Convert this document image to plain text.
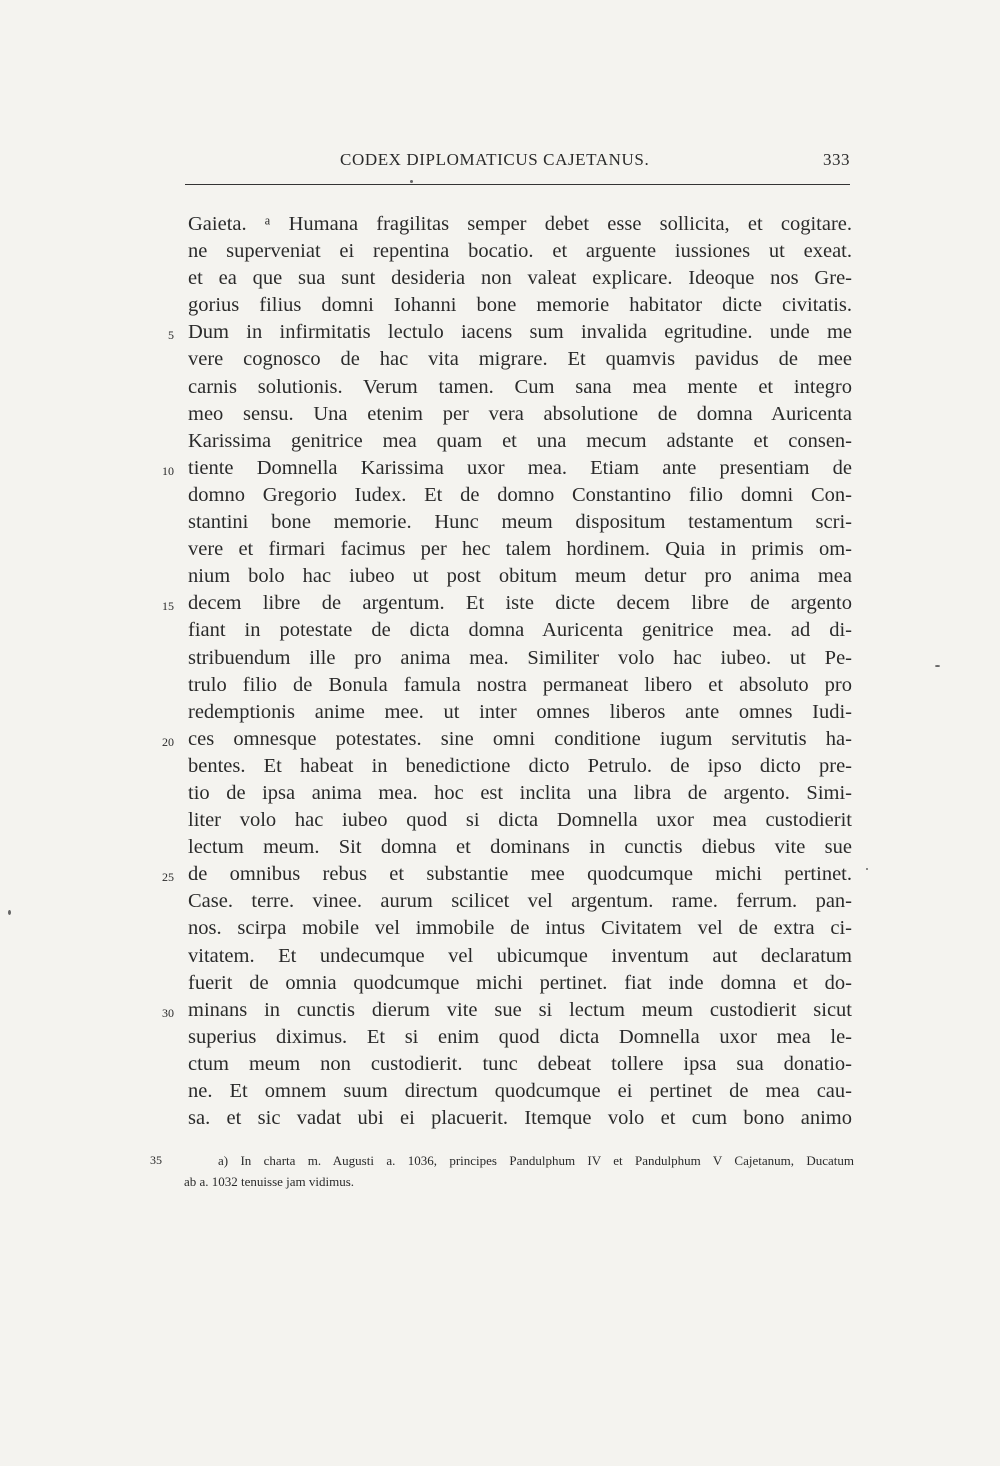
CODEX DIPLOMATICUS CAJETANUS.	333
Gaieta. ᵃ Humana fragilitas semper debet esse sollicita, et cogitare.
ne superveniat ei repentina bocatio. et arguente iussiones ut exeat.
et ea que sua sunt desideria non valeat explicare. Ideoque nos Gre-
gorius filius domni Iohanni bone memorie habitator dicte civitatis.
5 Dum in infirmitatis lectulo iacens sum invalida egritudine. unde me
vere cognosco de hac vita migrare. Et quamvis pavidus de mee
carnis solutionis. Verum tamen. Cum sana mea mente et integro
meo sensu. Una etenim per vera absolutione de domna Auricenta
Karissima genitrice mea quam et una mecum adstante et consen-
10 tiente Domnella Karissima uxor mea. Etiam ante presentiam de
domno Gregorio Iudex. Et de domno Constantino filio domni Con-
stantini bone memorie. Hunc meum dispositum testamentum scri-
vere et firmari facimus per hec talem hordinem. Quia in primis om-
nium bolo hac iubeo ut post obitum meum detur pro anima mea
15 decem libre de argentum. Et iste dicte decem libre de argento
fiant in potestate de dicta domna Auricenta genitrice mea. ad di-
stribuendum ille pro anima mea. Similiter volo hac iubeo. ut Pe-
trulo filio de Bonula famula nostra permaneat libero et absoluto pro
redemptionis anime mee. ut inter omnes liberos ante omnes Iudi-
20 ces omnesque potestates. sine omni conditione iugum servitutis ha-
bentes. Et habeat in benedictione dicto Petrulo. de ipso dicto pre-
tio de ipsa anima mea. hoc est inclita una libra de argento. Simi-
liter volo hac iubeo quod si dicta Domnella uxor mea custodierit
lectum meum. Sit domna et dominans in cunctis diebus vite sue
25 de omnibus rebus et substantie mee quodcumque michi pertinet.
Case. terre. vinee. aurum scilicet vel argentum. rame. ferrum. pan-
nos. scirpa mobile vel immobile de intus Civitatem vel de extra ci-
vitatem. Et undecumque vel ubicumque inventum aut declaratum
fuerit de omnia quodcumque michi pertinet. fiat inde domna et do-
30 minans in cunctis dierum vite sue si lectum meum custodierit sicut
superius diximus. Et si enim quod dicta Domnella uxor mea le-
ctum meum non custodierit. tunc debeat tollere ipsa sua donatio-
ne. Et omnem suum directum quodcumque ei pertinet de mea cau-
sa. et sic vadat ubi ei placuerit. Itemque volo et cum bono animo
35	a) In charta m. Augusti a. 1036, principes Pandulphum IV et Pandulphum V Cajetanum, Ducatum
ab a. 1032 tenuisse jam vidimus.
